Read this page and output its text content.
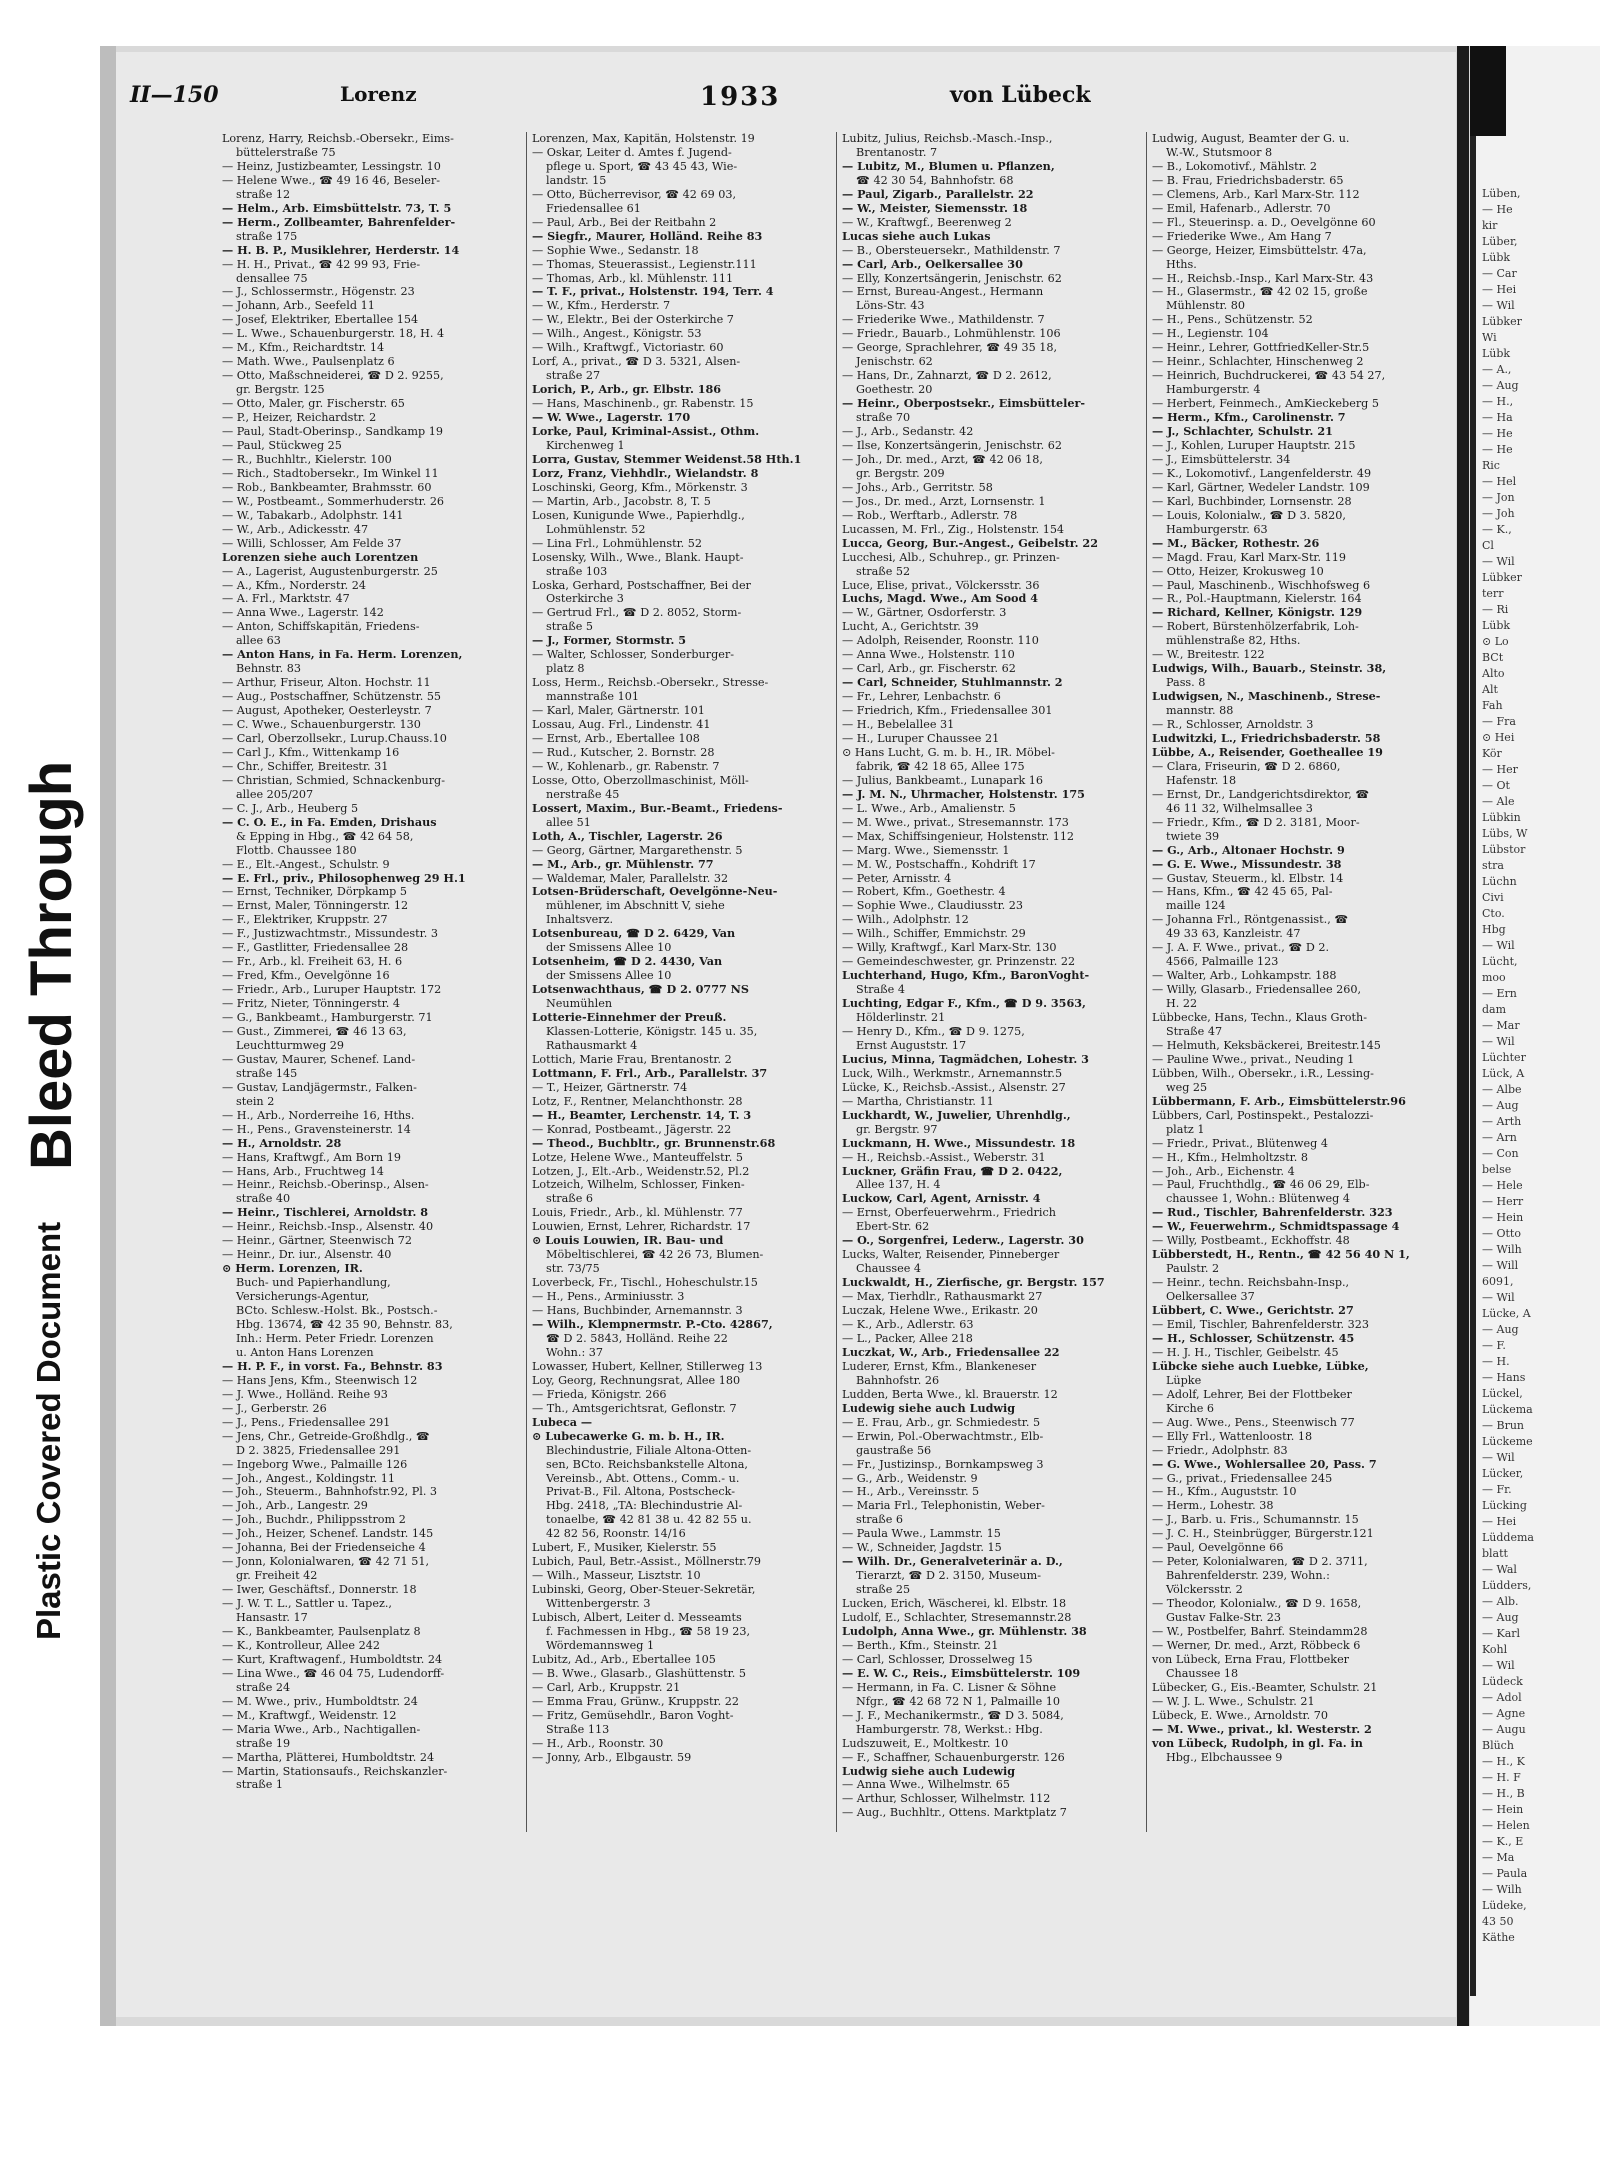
Bleed Through
Plastic Covered Document
Lüben,
— He
kir
Lüber,
Lübk
— Car
— Hei
— Wil
Lübker
Wi
Lübk
— A.,
— Aug
— H.,
— Ha
— He
— He
Ric
— Hel
— Jon
— Joh
— K.,
Cl
— Wil
Lübker
terr
— Ri
Lübk
⊙ Lo
BCt
Alto
Alt
Fah
— Fra
⊙ Hei
Kör
— Her
— Ot
— Ale
Lübkin
Lübs, W
Lübstor
stra
Lüchn
Civi
Cto.
Hbg
— Wil
Lücht,
moo
— Ern
dam
— Mar
— Wil
Lüchter
Lück, A
— Albe
— Aug
— Arth
— Arn
— Con
belse
— Hele
— Herr
— Hein
— Otto
— Wilh
— Will
6091,
— Wil
Lücke, A
— Aug
— F.
— H.
— Hans
Lückel,
Lückema
— Brun
Lückeme
— Wil
Lücker,
— Fr.
Lücking
— Hei
Lüddema
blatt
— Wal
Lüdders,
— Alb.
— Aug
— Karl
Kohl
— Wil
Lüdeck
— Adol
— Agne
— Augu
Blüch
— H., K
— H. F
— H., B
— Hein
— Helen
— K., E
— Ma
— Paula
— Wilh
Lüdeke,
43 50
Käthe
II—150	Lorenz	1933	von Lübeck
Lorenz, Harry, Reichsb.-Obersekr., Eims-
büttelerstraße 75
— Heinz, Justizbeamter, Lessingstr. 10
— Helene Wwe., ☎ 49 16 46, Beseler-
straße 12
— Helm., Arb. Eimsbüttelstr. 73, T. 5
— Herm., Zollbeamter, Bahrenfelder-
straße 175
— H. B. P., Musiklehrer, Herderstr. 14
— H. H., Privat., ☎ 42 99 93, Frie-
densallee 75
— J., Schlossermstr., Högenstr. 23
— Johann, Arb., Seefeld 11
— Josef, Elektriker, Ebertallee 154
— L. Wwe., Schauenburgerstr. 18, H. 4
— M., Kfm., Reichardtstr. 14
— Math. Wwe., Paulsenplatz 6
— Otto, Maßschneiderei, ☎ D 2. 9255,
gr. Bergstr. 125
— Otto, Maler, gr. Fischerstr. 65
— P., Heizer, Reichardstr. 2
— Paul, Stadt-Oberinsp., Sandkamp 19
— Paul, Stückweg 25
— R., Buchhltr., Kielerstr. 100
— Rich., Stadtobersekr., Im Winkel 11
— Rob., Bankbeamter, Brahmsstr. 60
— W., Postbeamt., Sommerhuderstr. 26
— W., Tabakarb., Adolphstr. 141
— W., Arb., Adickesstr. 47
— Willi, Schlosser, Am Felde 37
Lorenzen siehe auch Lorentzen
— A., Lagerist, Augustenburgerstr. 25
— A., Kfm., Norderstr. 24
— A. Frl., Marktstr. 47
— Anna Wwe., Lagerstr. 142
— Anton, Schiffskapitän, Friedens-
allee 63
— Anton Hans, in Fa. Herm. Lorenzen,
Behnstr. 83
— Arthur, Friseur, Alton. Hochstr. 11
— Aug., Postschaffner, Schützenstr. 55
— August, Apotheker, Oesterleystr. 7
— C. Wwe., Schauenburgerstr. 130
— Carl, Oberzollsekr., Lurup.Chauss.10
— Carl J., Kfm., Wittenkamp 16
— Chr., Schiffer, Breitestr. 31
— Christian, Schmied, Schnackenburg-
allee 205/207
— C. J., Arb., Heuberg 5
— C. O. E., in Fa. Emden, Drishaus
& Epping in Hbg., ☎ 42 64 58,
Flottb. Chaussee 180
— E., Elt.-Angest., Schulstr. 9
— E. Frl., priv., Philosophenweg 29 H.1
— Ernst, Techniker, Dörpkamp 5
— Ernst, Maler, Tönningerstr. 12
— F., Elektriker, Kruppstr. 27
— F., Justizwachtmstr., Missundestr. 3
— F., Gastlitter, Friedensallee 28
— Fr., Arb., kl. Freiheit 63, H. 6
— Fred, Kfm., Oevelgönne 16
— Friedr., Arb., Luruper Hauptstr. 172
— Fritz, Nieter, Tönningerstr. 4
— G., Bankbeamt., Hamburgerstr. 71
— Gust., Zimmerei, ☎ 46 13 63,
Leuchtturmweg 29
— Gustav, Maurer, Schenef. Land-
straße 145
— Gustav, Landjägermstr., Falken-
stein 2
— H., Arb., Norderreihe 16, Hths.
— H., Pens., Gravensteinerstr. 14
— H., Arnoldstr. 28
— Hans, Kraftwgf., Am Born 19
— Hans, Arb., Fruchtweg 14
— Heinr., Reichsb.-Oberinsp., Alsen-
straße 40
— Heinr., Tischlerei, Arnoldstr. 8
— Heinr., Reichsb.-Insp., Alsenstr. 40
— Heinr., Gärtner, Steenwisch 72
— Heinr., Dr. iur., Alsenstr. 40
⊙ Herm. Lorenzen, IR.
Buch- und Papierhandlung,
Versicherungs-Agentur,
BCto. Schlesw.-Holst. Bk., Postsch.-
Hbg. 13674, ☎ 42 35 90, Behnstr. 83,
Inh.: Herm. Peter Friedr. Lorenzen
u. Anton Hans Lorenzen
— H. P. F., in vorst. Fa., Behnstr. 83
— Hans Jens, Kfm., Steenwisch 12
— J. Wwe., Holländ. Reihe 93
— J., Gerberstr. 26
— J., Pens., Friedensallee 291
— Jens, Chr., Getreide-Großhdlg., ☎
D 2. 3825, Friedensallee 291
— Ingeborg Wwe., Palmaille 126
— Joh., Angest., Koldingstr. 11
— Joh., Steuerm., Bahnhofstr.92, Pl. 3
— Joh., Arb., Langestr. 29
— Joh., Buchdr., Philippsstrom 2
— Joh., Heizer, Schenef. Landstr. 145
— Johanna, Bei der Friedenseiche 4
— Jonn, Kolonialwaren, ☎ 42 71 51,
gr. Freiheit 42
— Iwer, Geschäftsf., Donnerstr. 18
— J. W. T. L., Sattler u. Tapez.,
Hansastr. 17
— K., Bankbeamter, Paulsenplatz 8
— K., Kontrolleur, Allee 242
— Kurt, Kraftwagenf., Humboldtstr. 24
— Lina Wwe., ☎ 46 04 75, Ludendorff-
straße 24
— M. Wwe., priv., Humboldtstr. 24
— M., Kraftwgf., Weidenstr. 12
— Maria Wwe., Arb., Nachtigallen-
straße 19
— Martha, Plätterei, Humboldtstr. 24
— Martin, Stationsaufs., Reichskanzler-
straße 1
Lorenzen, Max, Kapitän, Holstenstr. 19
— Oskar, Leiter d. Amtes f. Jugend-
pflege u. Sport, ☎ 43 45 43, Wie-
landstr. 15
— Otto, Bücherrevisor, ☎ 42 69 03,
Friedensallee 61
— Paul, Arb., Bei der Reitbahn 2
— Siegfr., Maurer, Holländ. Reihe 83
— Sophie Wwe., Sedanstr. 18
— Thomas, Steuerassist., Legienstr.111
— Thomas, Arb., kl. Mühlenstr. 111
— T. F., privat., Holstenstr. 194, Terr. 4
— W., Kfm., Herderstr. 7
— W., Elektr., Bei der Osterkirche 7
— Wilh., Angest., Königstr. 53
— Wilh., Kraftwgf., Victoriastr. 60
Lorf, A., privat., ☎ D 3. 5321, Alsen-
straße 27
Lorich, P., Arb., gr. Elbstr. 186
— Hans, Maschinenb., gr. Rabenstr. 15
— W. Wwe., Lagerstr. 170
Lorke, Paul, Kriminal-Assist., Othm.
Kirchenweg 1
Lorra, Gustav, Stemmer Weidenst.58 Hth.1
Lorz, Franz, Viehhdlr., Wielandstr. 8
Loschinski, Georg, Kfm., Mörkenstr. 3
— Martin, Arb., Jacobstr. 8, T. 5
Losen, Kunigunde Wwe., Papierhdlg.,
Lohmühlenstr. 52
— Lina Frl., Lohmühlenstr. 52
Losensky, Wilh., Wwe., Blank. Haupt-
straße 103
Loska, Gerhard, Postschaffner, Bei der
Osterkirche 3
— Gertrud Frl., ☎ D 2. 8052, Storm-
straße 5
— J., Former, Stormstr. 5
— Walter, Schlosser, Sonderburger-
platz 8
Loss, Herm., Reichsb.-Obersekr., Stresse-
mannstraße 101
— Karl, Maler, Gärtnerstr. 101
Lossau, Aug. Frl., Lindenstr. 41
— Ernst, Arb., Ebertallee 108
— Rud., Kutscher, 2. Bornstr. 28
— W., Kohlenarb., gr. Rabenstr. 7
Losse, Otto, Oberzollmaschinist, Möll-
nerstraße 45
Lossert, Maxim., Bur.-Beamt., Friedens-
allee 51
Loth, A., Tischler, Lagerstr. 26
— Georg, Gärtner, Margarethenstr. 5
— M., Arb., gr. Mühlenstr. 77
— Waldemar, Maler, Parallelstr. 32
Lotsen-Brüderschaft, Oevelgönne-Neu-
mühlener, im Abschnitt V, siehe
Inhaltsverz.
Lotsenbureau, ☎ D 2. 6429, Van
der Smissens Allee 10
Lotsenheim, ☎ D 2. 4430, Van
der Smissens Allee 10
Lotsenwachthaus, ☎ D 2. 0777 NS
Neumühlen
Lotterie-Einnehmer der Preuß.
Klassen-Lotterie, Königstr. 145 u. 35,
Rathausmarkt 4
Lottich, Marie Frau, Brentanostr. 2
Lottmann, F. Frl., Arb., Parallelstr. 37
— T., Heizer, Gärtnerstr. 74
Lotz, F., Rentner, Melanchthonstr. 28
— H., Beamter, Lerchenstr. 14, T. 3
— Konrad, Postbeamt., Jägerstr. 22
— Theod., Buchbltr., gr. Brunnenstr.68
Lotze, Helene Wwe., Manteuffelstr. 5
Lotzen, J., Elt.-Arb., Weidenstr.52, Pl.2
Lotzeich, Wilhelm, Schlosser, Finken-
straße 6
Louis, Friedr., Arb., kl. Mühlenstr. 77
Louwien, Ernst, Lehrer, Richardstr. 17
⊙ Louis Louwien, IR. Bau- und
Möbeltischlerei, ☎ 42 26 73, Blumen-
str. 73/75
Loverbeck, Fr., Tischl., Hoheschulstr.15
— H., Pens., Arminiusstr. 3
— Hans, Buchbinder, Arnemannstr. 3
— Wilh., Klempnermstr. P.-Cto. 42867,
☎ D 2. 5843, Holländ. Reihe 22
Wohn.: 37
Lowasser, Hubert, Kellner, Stillerweg 13
Loy, Georg, Rechnungsrat, Allee 180
— Frieda, Königstr. 266
— Th., Amtsgerichtsrat, Geflonstr. 7
Lubeca —
⊙ Lubecawerke G. m. b. H., IR.
Blechindustrie, Filiale Altona-Otten-
sen, BCto. Reichsbankstelle Altona,
Vereinsb., Abt. Ottens., Comm.- u.
Privat-B., Fil. Altona, Postscheck-
Hbg. 2418, „TA: Blechindustrie Al-
tonaelbe, ☎ 42 81 38 u. 42 82 55 u.
42 82 56, Roonstr. 14/16
Lubert, F., Musiker, Kielerstr. 55
Lubich, Paul, Betr.-Assist., Möllnerstr.79
— Wilh., Masseur, Lisztstr. 10
Lubinski, Georg, Ober-Steuer-Sekretär,
Wittenbergerstr. 3
Lubisch, Albert, Leiter d. Messeamts
f. Fachmessen in Hbg., ☎ 58 19 23,
Wördemannsweg 1
Lubitz, Ad., Arb., Ebertallee 105
— B. Wwe., Glasarb., Glashüttenstr. 5
— Carl, Arb., Kruppstr. 21
— Emma Frau, Grünw., Kruppstr. 22
— Fritz, Gemüsehdlr., Baron Voght-
Straße 113
— H., Arb., Roonstr. 30
— Jonny, Arb., Elbgaustr. 59
Lubitz, Julius, Reichsb.-Masch.-Insp.,
Brentanostr. 7
— Lubitz, M., Blumen u. Pflanzen,
☎ 42 30 54, Bahnhofstr. 68
— Paul, Zigarb., Parallelstr. 22
— W., Meister, Siemensstr. 18
— W., Kraftwgf., Beerenweg 2
Lucas siehe auch Lukas
— B., Obersteuersekr., Mathildenstr. 7
— Carl, Arb., Oelkersallee 30
— Elly, Konzertsängerin, Jenischstr. 62
— Ernst, Bureau-Angest., Hermann
Löns-Str. 43
— Friederike Wwe., Mathildenstr. 7
— Friedr., Bauarb., Lohmühlenstr. 106
— George, Sprachlehrer, ☎ 49 35 18,
Jenischstr. 62
— Hans, Dr., Zahnarzt, ☎ D 2. 2612,
Goethestr. 20
— Heinr., Oberpostsekr., Eimsbütteler-
straße 70
— J., Arb., Sedanstr. 42
— Ilse, Konzertsängerin, Jenischstr. 62
— Joh., Dr. med., Arzt, ☎ 42 06 18,
gr. Bergstr. 209
— Johs., Arb., Gerritstr. 58
— Jos., Dr. med., Arzt, Lornsenstr. 1
— Rob., Werftarb., Adlerstr. 78
Lucassen, M. Frl., Zig., Holstenstr. 154
Lucca, Georg, Bur.-Angest., Geibelstr. 22
Lucchesi, Alb., Schuhrep., gr. Prinzen-
straße 52
Luce, Elise, privat., Völckersstr. 36
Luchs, Magd. Wwe., Am Sood 4
— W., Gärtner, Osdorferstr. 3
Lucht, A., Gerichtstr. 39
— Adolph, Reisender, Roonstr. 110
— Anna Wwe., Holstenstr. 110
— Carl, Arb., gr. Fischerstr. 62
— Carl, Schneider, Stuhlmannstr. 2
— Fr., Lehrer, Lenbachstr. 6
— Friedrich, Kfm., Friedensallee 301
— H., Bebelallee 31
— H., Luruper Chaussee 21
⊙ Hans Lucht, G. m. b. H., IR. Möbel-
fabrik, ☎ 42 18 65, Allee 175
— Julius, Bankbeamt., Lunapark 16
— J. M. N., Uhrmacher, Holstenstr. 175
— L. Wwe., Arb., Amalienstr. 5
— M. Wwe., privat., Stresemannstr. 173
— Max, Schiffsingenieur, Holstenstr. 112
— Marg. Wwe., Siemensstr. 1
— M. W., Postschaffn., Kohdrift 17
— Peter, Arnisstr. 4
— Robert, Kfm., Goethestr. 4
— Sophie Wwe., Claudiusstr. 23
— Wilh., Adolphstr. 12
— Wilh., Schiffer, Emmichstr. 29
— Willy, Kraftwgf., Karl Marx-Str. 130
— Gemeindeschwester, gr. Prinzenstr. 22
Luchterhand, Hugo, Kfm., BaronVoght-
Straße 4
Luchting, Edgar F., Kfm., ☎ D 9. 3563,
Hölderlinstr. 21
— Henry D., Kfm., ☎ D 9. 1275,
Ernst Auguststr. 17
Lucius, Minna, Tagmädchen, Lohestr. 3
Luck, Wilh., Werkmstr., Arnemannstr.5
Lücke, K., Reichsb.-Assist., Alsenstr. 27
— Martha, Christianstr. 11
Luckhardt, W., Juwelier, Uhrenhdlg.,
gr. Bergstr. 97
Luckmann, H. Wwe., Missundestr. 18
— H., Reichsb.-Assist., Weberstr. 31
Luckner, Gräfin Frau, ☎ D 2. 0422,
Allee 137, H. 4
Luckow, Carl, Agent, Arnisstr. 4
— Ernst, Oberfeuerwehrm., Friedrich
Ebert-Str. 62
— O., Sorgenfrei, Lederw., Lagerstr. 30
Lucks, Walter, Reisender, Pinneberger
Chaussee 4
Luckwaldt, H., Zierfische, gr. Bergstr. 157
— Max, Tierhdlr., Rathausmarkt 27
Luczak, Helene Wwe., Erikastr. 20
— K., Arb., Adlerstr. 63
— L., Packer, Allee 218
Luczkat, W., Arb., Friedensallee 22
Luderer, Ernst, Kfm., Blankeneser
Bahnhofstr. 26
Ludden, Berta Wwe., kl. Brauerstr. 12
Ludewig siehe auch Ludwig
— E. Frau, Arb., gr. Schmiedestr. 5
— Erwin, Pol.-Oberwachtmstr., Elb-
gaustraße 56
— Fr., Justizinsp., Bornkampsweg 3
— G., Arb., Weidenstr. 9
— H., Arb., Vereinsstr. 5
— Maria Frl., Telephonistin, Weber-
straße 6
— Paula Wwe., Lammstr. 15
— W., Schneider, Jagdstr. 15
— Wilh. Dr., Generalveterinär a. D.,
Tierarzt, ☎ D 2. 3150, Museum-
straße 25
Lucken, Erich, Wäscherei, kl. Elbstr. 18
Ludolf, E., Schlachter, Stresemannstr.28
Ludolph, Anna Wwe., gr. Mühlenstr. 38
— Berth., Kfm., Steinstr. 21
— Carl, Schlosser, Drosselweg 15
— E. W. C., Reis., Eimsbüttelerstr. 109
— Hermann, in Fa. C. Lisner & Söhne
Nfgr., ☎ 42 68 72 N 1, Palmaille 10
— J. F., Mechanikermstr., ☎ D 3. 5084,
Hamburgerstr. 78, Werkst.: Hbg.
Ludszuweit, E., Moltkestr. 10
— F., Schaffner, Schauenburgerstr. 126
Ludwig siehe auch Ludewig
— Anna Wwe., Wilhelmstr. 65
— Arthur, Schlosser, Wilhelmstr. 112
— Aug., Buchhltr., Ottens. Marktplatz 7
Ludwig, August, Beamter der G. u.
W.-W., Stutsmoor 8
— B., Lokomotivf., Mählstr. 2
— B. Frau, Friedrichsbaderstr. 65
— Clemens, Arb., Karl Marx-Str. 112
— Emil, Hafenarb., Adlerstr. 70
— Fl., Steuerinsp. a. D., Oevelgönne 60
— Friederike Wwe., Am Hang 7
— George, Heizer, Eimsbüttelstr. 47a,
Hths.
— H., Reichsb.-Insp., Karl Marx-Str. 43
— H., Glasermstr., ☎ 42 02 15, große
Mühlenstr. 80
— H., Pens., Schützenstr. 52
— H., Legienstr. 104
— Heinr., Lehrer, GottfriedKeller-Str.5
— Heinr., Schlachter, Hinschenweg 2
— Heinrich, Buchdruckerei, ☎ 43 54 27,
Hamburgerstr. 4
— Herbert, Feinmech., AmKieckeberg 5
— Herm., Kfm., Carolinenstr. 7
— J., Schlachter, Schulstr. 21
— J., Kohlen, Luruper Hauptstr. 215
— J., Eimsbüttelerstr. 34
— K., Lokomotivf., Langenfelderstr. 49
— Karl, Gärtner, Wedeler Landstr. 109
— Karl, Buchbinder, Lornsenstr. 28
— Louis, Kolonialw., ☎ D 3. 5820,
Hamburgerstr. 63
— M., Bäcker, Rothestr. 26
— Magd. Frau, Karl Marx-Str. 119
— Otto, Heizer, Krokusweg 10
— Paul, Maschinenb., Wischhofsweg 6
— R., Pol.-Hauptmann, Kielerstr. 164
— Richard, Kellner, Königstr. 129
— Robert, Bürstenhölzerfabrik, Loh-
mühlenstraße 82, Hths.
— W., Breitestr. 122
Ludwigs, Wilh., Bauarb., Steinstr. 38,
Pass. 8
Ludwigsen, N., Maschinenb., Strese-
mannstr. 88
— R., Schlosser, Arnoldstr. 3
Ludwitzki, L., Friedrichsbaderstr. 58
Lübbe, A., Reisender, Goetheallee 19
— Clara, Friseurin, ☎ D 2. 6860,
Hafenstr. 18
— Ernst, Dr., Landgerichtsdirektor, ☎
46 11 32, Wilhelmsallee 3
— Friedr., Kfm., ☎ D 2. 3181, Moor-
twiete 39
— G., Arb., Altonaer Hochstr. 9
— G. E. Wwe., Missundestr. 38
— Gustav, Steuerm., kl. Elbstr. 14
— Hans, Kfm., ☎ 42 45 65, Pal-
maille 124
— Johanna Frl., Röntgenassist., ☎
49 33 63, Kanzleistr. 47
— J. A. F. Wwe., privat., ☎ D 2.
4566, Palmaille 123
— Walter, Arb., Lohkampstr. 188
— Willy, Glasarb., Friedensallee 260,
H. 22
Lübbecke, Hans, Techn., Klaus Groth-
Straße 47
— Helmuth, Keksbäckerei, Breitestr.145
— Pauline Wwe., privat., Neuding 1
Lübben, Wilh., Obersekr., i.R., Lessing-
weg 25
Lübbermann, F. Arb., Eimsbüttelerstr.96
Lübbers, Carl, Postinspekt., Pestalozzi-
platz 1
— Friedr., Privat., Blütenweg 4
— H., Kfm., Helmholtzstr. 8
— Joh., Arb., Eichenstr. 4
— Paul, Fruchthdlg., ☎ 46 06 29, Elb-
chaussee 1, Wohn.: Blütenweg 4
— Rud., Tischler, Bahrenfelderstr. 323
— W., Feuerwehrm., Schmidtspassage 4
— Willy, Postbeamt., Eckhoffstr. 48
Lübberstedt, H., Rentn., ☎ 42 56 40 N 1,
Paulstr. 2
— Heinr., techn. Reichsbahn-Insp.,
Oelkersallee 37
Lübbert, C. Wwe., Gerichtstr. 27
— Emil, Tischler, Bahrenfelderstr. 323
— H., Schlosser, Schützenstr. 45
— H. J. H., Tischler, Geibelstr. 45
Lübcke siehe auch Luebke, Lübke,
Lüpke
— Adolf, Lehrer, Bei der Flottbeker
Kirche 6
— Aug. Wwe., Pens., Steenwisch 77
— Elly Frl., Wattenloostr. 18
— Friedr., Adolphstr. 83
— G. Wwe., Wohlersallee 20, Pass. 7
— G., privat., Friedensallee 245
— H., Kfm., Auguststr. 10
— Herm., Lohestr. 38
— J., Barb. u. Fris., Schumannstr. 15
— J. C. H., Steinbrügger, Bürgerstr.121
— Paul, Oevelgönne 66
— Peter, Kolonialwaren, ☎ D 2. 3711,
Bahrenfelderstr. 239, Wohn.:
Völckersstr. 2
— Theodor, Kolonialw., ☎ D 9. 1658,
Gustav Falke-Str. 23
— W., Postbelfer, Bahrf. Steindamm28
— Werner, Dr. med., Arzt, Röbbeck 6
von Lübeck, Erna Frau, Flottbeker
Chaussee 18
Lübecker, G., Eis.-Beamter, Schulstr. 21
— W. J. L. Wwe., Schulstr. 21
Lübeck, E. Wwe., Arnoldstr. 70
— M. Wwe., privat., kl. Westerstr. 2
von Lübeck, Rudolph, in gl. Fa. in
Hbg., Elbchaussee 9
